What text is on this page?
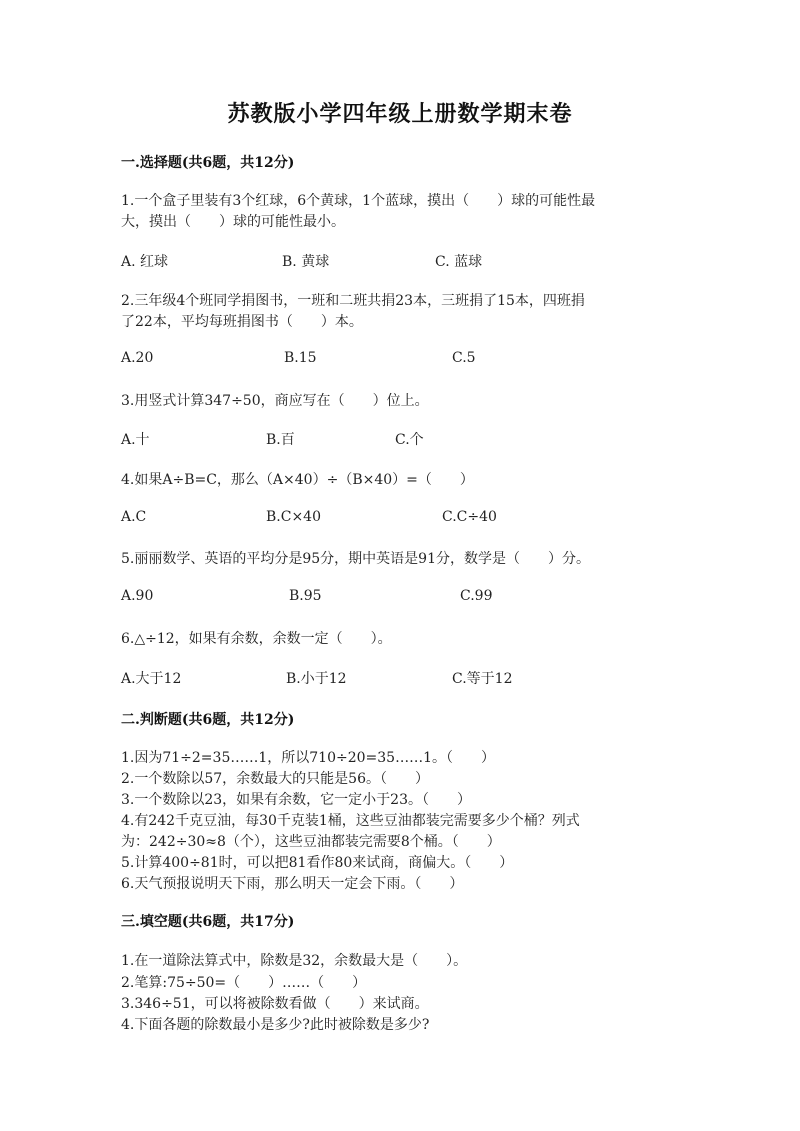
苏教版小学四年级上册数学期末卷
一.选择题(共6题，共12分)
1.一个盒子里装有3个红球，6个黄球，1个蓝球，摸出（　　）球的可能性最
大，摸出（　　）球的可能性最小。
A. 红球	B. 黄球	C. 蓝球
2.三年级4个班同学捐图书，一班和二班共捐23本，三班捐了15本，四班捐
了22本，平均每班捐图书（　　）本。
A.20	B.15	C.5
3.用竖式计算347÷50，商应写在（　　）位上。
A.十	B.百	C.个
4.如果A÷B=C，那么（A×40）÷（B×40）=（　　）
A.C	B.C×40	C.C÷40
5.丽丽数学、英语的平均分是95分，期中英语是91分，数学是（　　）分。
A.90	B.95	C.99
6.△÷12，如果有余数，余数一定（　　）。
A.大于12	B.小于12	C.等于12
二.判断题(共6题，共12分)
1.因为71÷2=35……1，所以710÷20=35……1。（　　）
2.一个数除以57，余数最大的只能是56。（　　）
3.一个数除以23，如果有余数，它一定小于23。（　　）
4.有242千克豆油，每30千克装1桶，这些豆油都装完需要多少个桶？列式
为：242÷30≈8（个），这些豆油都装完需要8个桶。（　　）
5.计算400÷81时，可以把81看作80来试商，商偏大。（　　）
6.天气预报说明天下雨，那么明天一定会下雨。（　　）
三.填空题(共6题，共17分)
1.在一道除法算式中，除数是32，余数最大是（　　）。
2.笔算:75÷50=（　　）……（　　）
3.346÷51，可以将被除数看做（　　）来试商。
4.下面各题的除数最小是多少?此时被除数是多少?
